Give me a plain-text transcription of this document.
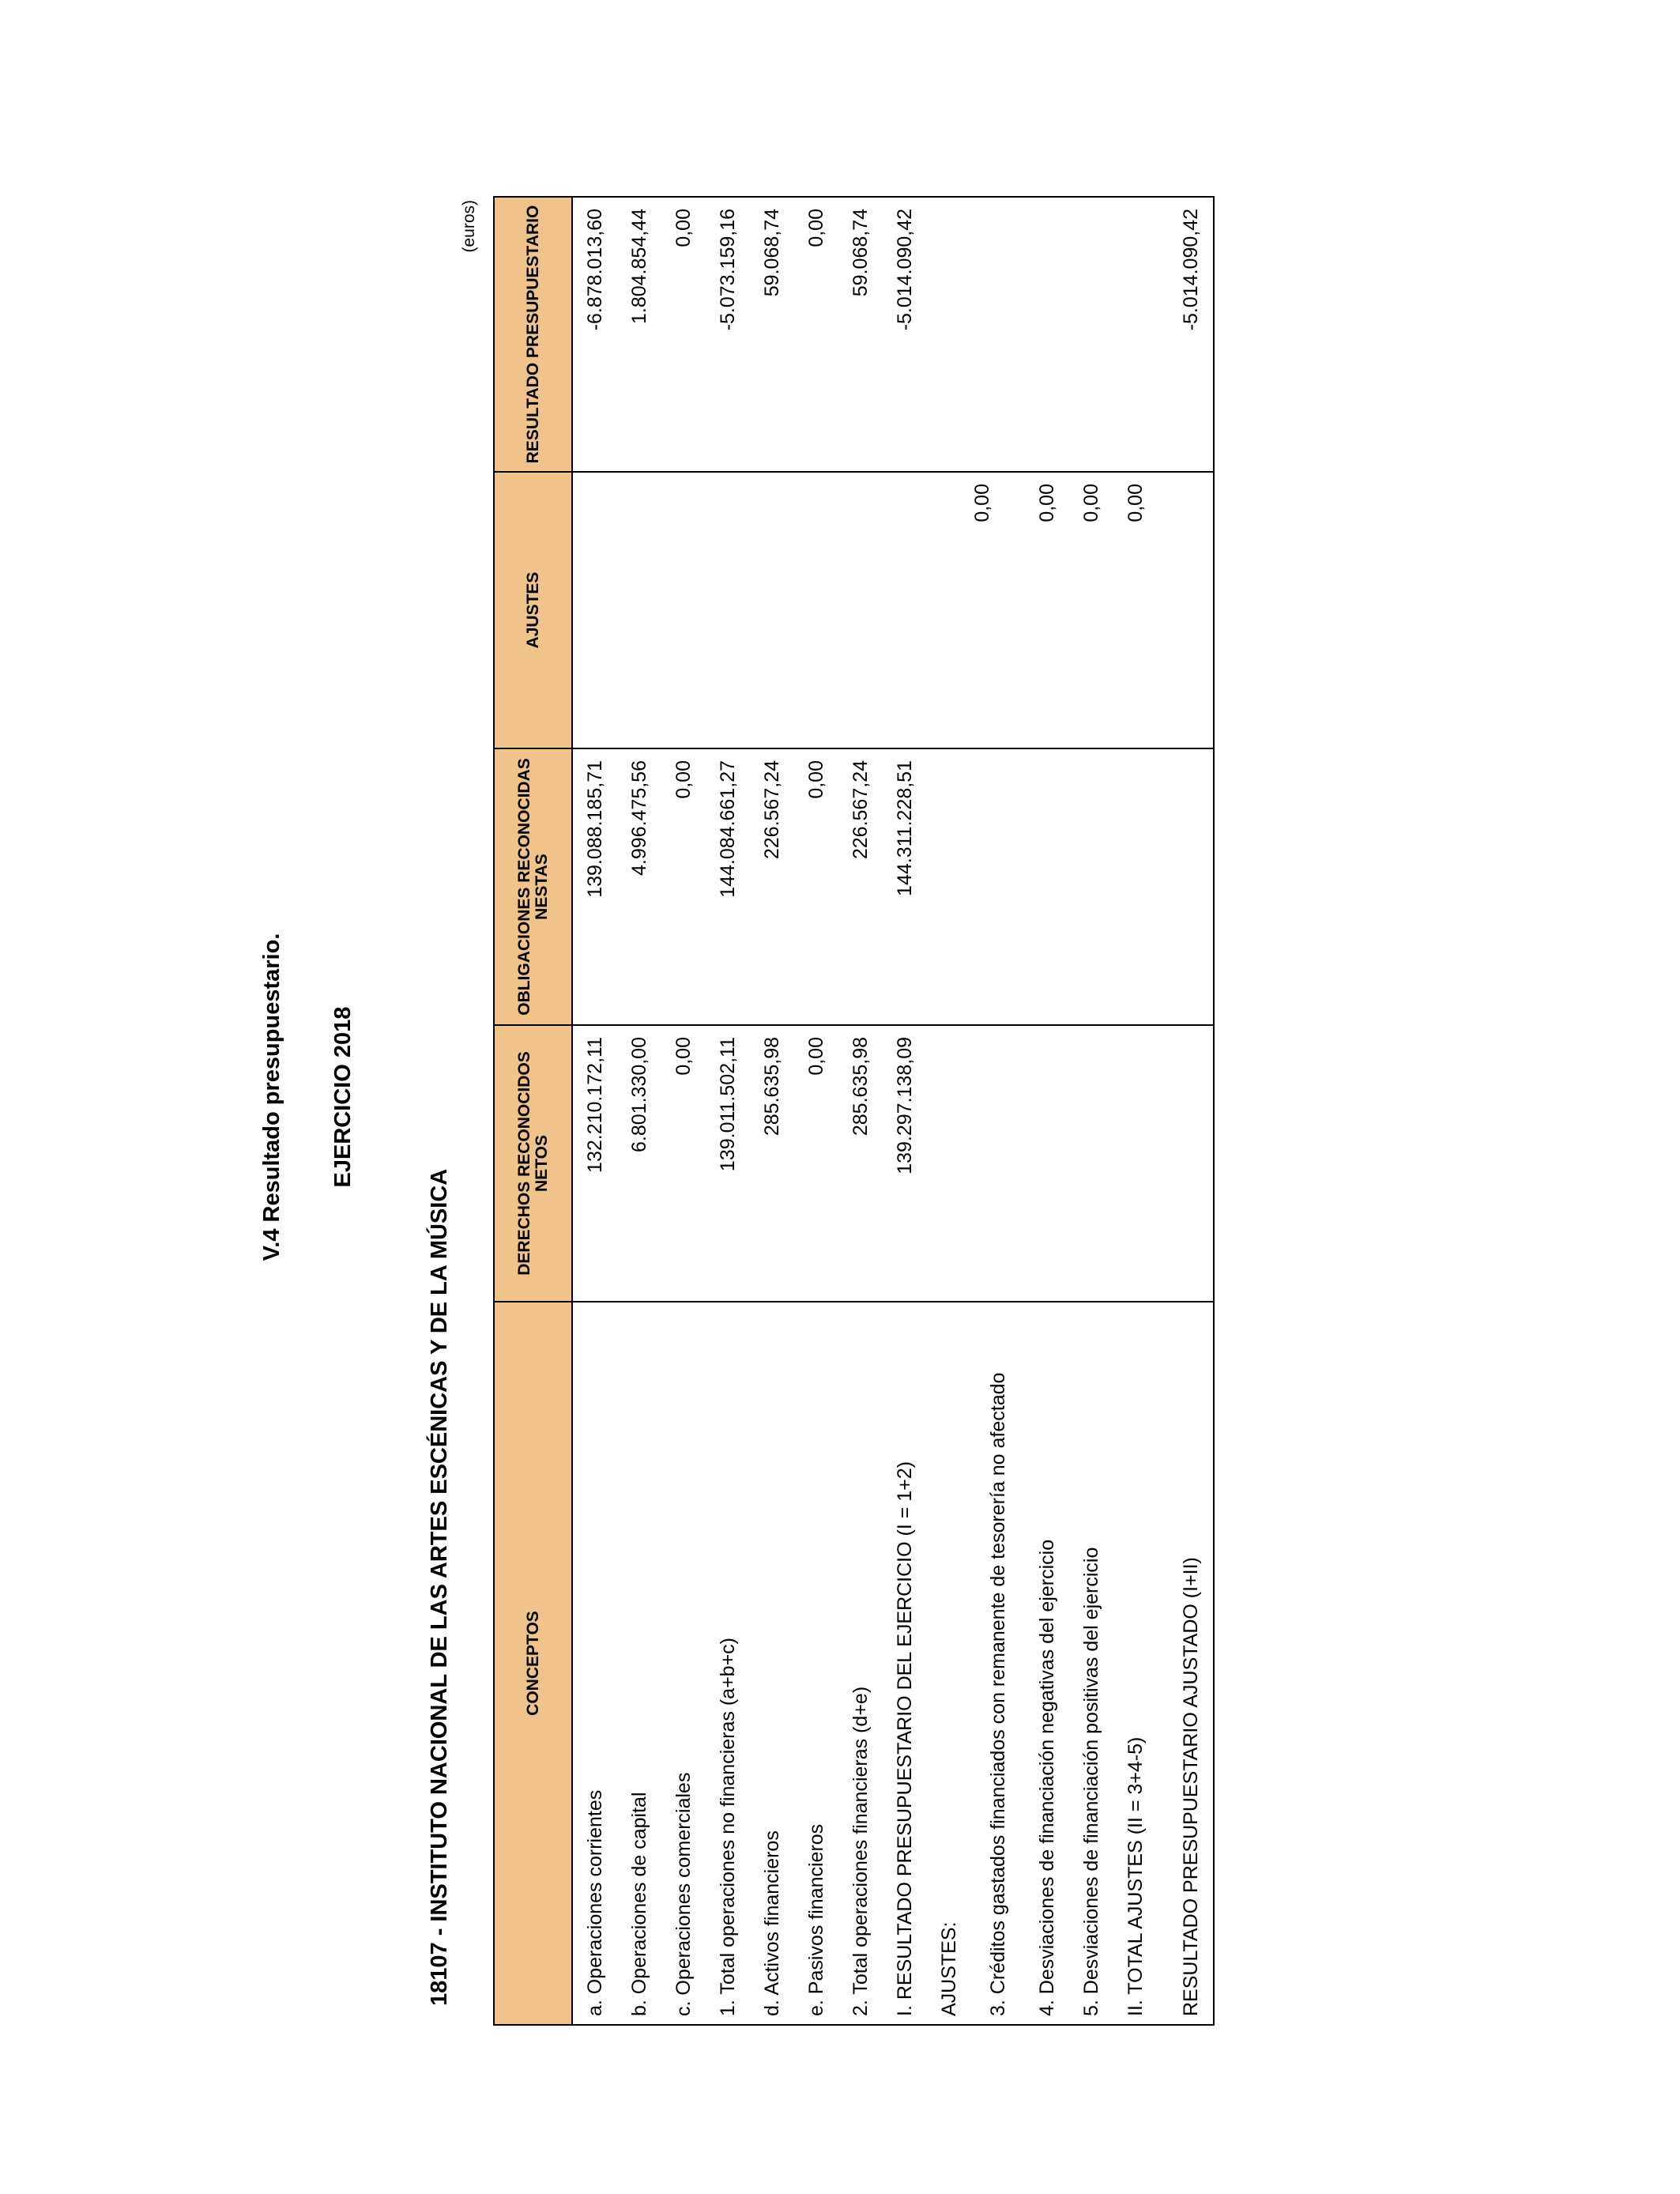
V.4 Resultado presupuestario. EJERCICIO 2018
18107 - INSTITUTO NACIONAL DE LAS ARTES ESCÉNICAS Y DE LA MÚSICA
(euros)
CONCEPTOS	DERECHOS RECONOCIDOS NETOS	OBLIGACIONES RECONOCIDAS NESTAS	AJUSTES	RESULTADO PRESUPUESTARIO
a. Operaciones corrientes	132.210.172,11	139.088.185,71		-6.878.013,60
b. Operaciones de capital	6.801.330,00	4.996.475,56		1.804.854,44
c. Operaciones comerciales	0,00	0,00		0,00
1. Total operaciones no financieras (a+b+c)	139.011.502,11	144.084.661,27		-5.073.159,16
d. Activos financieros	285.635,98	226.567,24		59.068,74
e. Pasivos financieros	0,00	0,00		0,00
2. Total operaciones financieras (d+e)	285.635,98	226.567,24		59.068,74
I. RESULTADO PRESUPUESTARIO DEL EJERCICIO (I = 1+2)	139.297.138,09	144.311.228,51		-5.014.090,42
AJUSTES:				
3. Créditos gastados financiados con remanente de tesorería no afectado			0,00	
4. Desviaciones de financiación negativas del ejercicio			0,00	
5. Desviaciones de financiación positivas del ejercicio			0,00	
II. TOTAL AJUSTES (II = 3+4-5)			0,00	

RESULTADO PRESUPUESTARIO AJUSTADO (I+II)				-5.014.090,42
